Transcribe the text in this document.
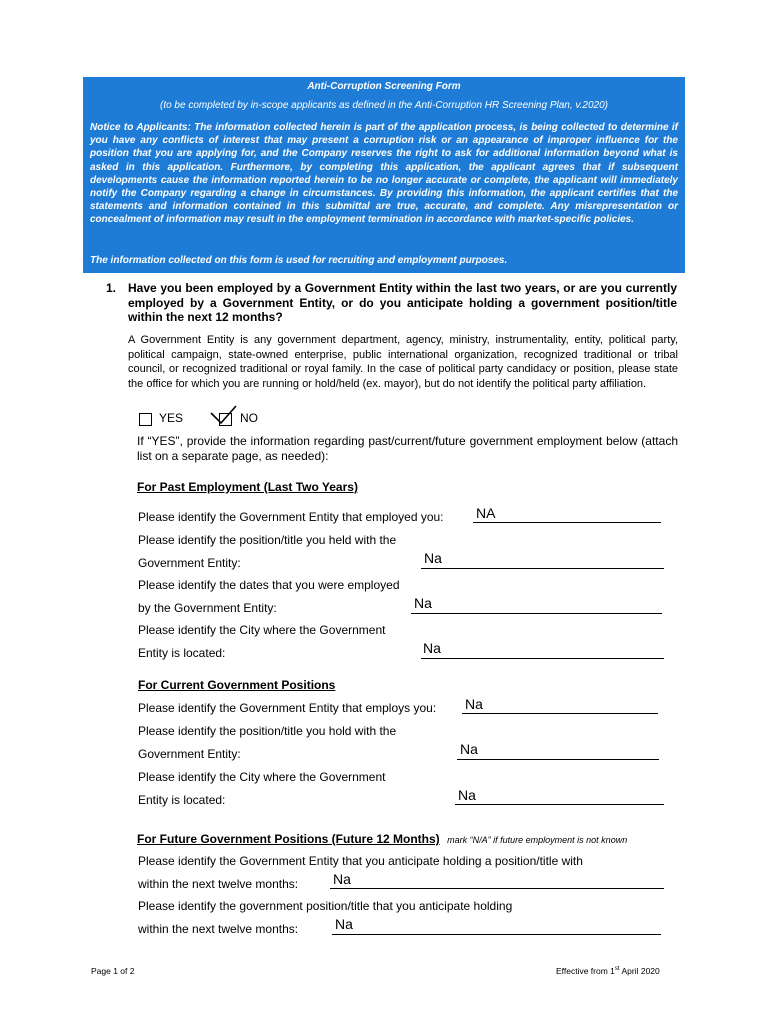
Anti-Corruption Screening Form
(to be completed by in-scope applicants as defined in the Anti-Corruption HR Screening Plan, v.2020)
Notice to Applicants: The information collected herein is part of the application process, is being collected to determine if you have any conflicts of interest that may present a corruption risk or an appearance of improper influence for the position that you are applying for, and the Company reserves the right to ask for additional information beyond what is asked in this application. Furthermore, by completing this application, the applicant agrees that if subsequent developments cause the information reported herein to be no longer accurate or complete, the applicant will immediately notify the Company regarding a change in circumstances. By providing this information, the applicant certifies that the statements and information contained in this submittal are true, accurate, and complete. Any misrepresentation or concealment of information may result in the employment termination in accordance with market-specific policies.
The information collected on this form is used for recruiting and employment purposes.
1. Have you been employed by a Government Entity within the last two years, or are you currently employed by a Government Entity, or do you anticipate holding a government position/title within the next 12 months?
A Government Entity is any government department, agency, ministry, instrumentality, entity, political party, political campaign, state-owned enterprise, public international organization, recognized traditional or tribal council, or recognized traditional or royal family. In the case of political party candidacy or position, please state the office for which you are running or hold/held (ex. mayor), but do not identify the political party affiliation.
YES	NO
If “YES”, provide the information regarding past/current/future government employment below (attach list on a separate page, as needed):
For Past Employment (Last Two Years)
Please identify the Government Entity that employed you: NA
Please identify the position/title you held with the
Government Entity:	Na
Please identify the dates that you were employed
by the Government Entity:	Na
Please identify the City where the Government
Entity is located:	Na
For Current Government Positions
Please identify the Government Entity that employs you: Na
Please identify the position/title you hold with the
Government Entity:	Na
Please identify the City where the Government
Entity is located:	Na
For Future Government Positions (Future 12 Months) mark “N/A” if future employment is not known
Please identify the Government Entity that you anticipate holding a position/title with
within the next twelve months: Na
Please identify the government position/title that you anticipate holding
within the next twelve months:	Na
Page 1 of 2	Effective from 1st April 2020
